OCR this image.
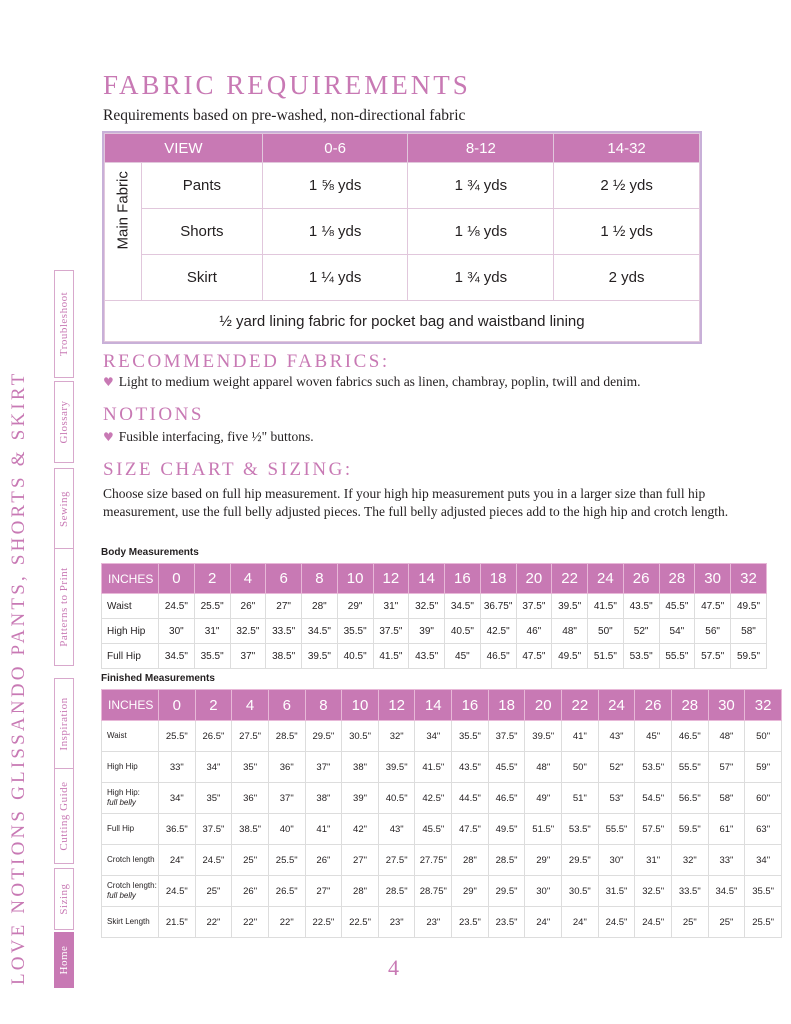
LOVE NOTIONS GLISSANDO PANTS, SHORTS & SKIRT
Troubleshoot
Glossary
Sewing
Patterns to Print
Inspiration
Cutting Guide
Sizing
Home
FABRIC REQUIREMENTS
Requirements based on pre-washed, non-directional fabric
VIEW		0-6	8-12	14-32

Main Fabric	Pants	1 ⅝ yds	1 ¾ yds	2 ½ yds
	Shorts	1 ⅛ yds	1 ⅛ yds	1 ½ yds
	Skirt	1 ¼ yds	1 ¾ yds	2 yds
½ yard lining fabric for pocket bag and waistband lining				
RECOMMENDED FABRICS:
♥ Light to medium weight apparel woven fabrics such as linen, chambray, poplin, twill and denim.
NOTIONS
♥ Fusible interfacing, five ½" buttons.
SIZE CHART & SIZING:
Choose size based on full hip measurement. If your high hip measurement puts you in a larger size than full hip measurement, use the full belly adjusted pieces. The full belly adjusted pieces add to the high hip and crotch length.
Body Measurements
INCHES	0	2	4	6	8	10	12	14	16	18	20	22	24	26	28	30	32
Waist	24.5"	25.5"	26"	27"	28"	29"	31"	32.5"	34.5"	36.75"	37.5"	39.5"	41.5"	43.5"	45.5"	47.5"	49.5"
High Hip	30"	31"	32.5"	33.5"	34.5"	35.5"	37.5"	39"	40.5"	42.5"	46"	48"	50"	52"	54"	56"	58"
Full Hip	34.5"	35.5"	37"	38.5"	39.5"	40.5"	41.5"	43.5"	45"	46.5"	47.5"	49.5"	51.5"	53.5"	55.5"	57.5"	59.5"
Finished Measurements
INCHES	0	2	4	6	8	10	12	14	16	18	20	22	24	26	28	30	32
Waist	25.5"	26.5"	27.5"	28.5"	29.5"	30.5"	32"	34"	35.5"	37.5"	39.5"	41"	43"	45"	46.5"	48"	50"
High Hip	33"	34"	35"	36"	37"	38"	39.5"	41.5"	43.5"	45.5"	48"	50"	52"	53.5"	55.5"	57"	59"
High Hip:
full belly	34"	35"	36"	37"	38"	39"	40.5"	42.5"	44.5"	46.5"	49"	51"	53"	54.5"	56.5"	58"	60"
Full Hip	36.5"	37.5"	38.5"	40"	41"	42"	43"	45.5"	47.5"	49.5"	51.5"	53.5"	55.5"	57.5"	59.5"	61"	63"
Crotch length	24"	24.5"	25"	25.5"	26"	27"	27.5"	27.75"	28"	28.5"	29"	29.5"	30"	31"	32"	33"	34"
Crotch length:
full belly	24.5"	25"	26"	26.5"	27"	28"	28.5"	28.75"	29"	29.5"	30"	30.5"	31.5"	32.5"	33.5"	34.5"	35.5"
Skirt Length	21.5"	22"	22"	22"	22.5"	22.5"	23"	23"	23.5"	23.5"	24"	24"	24.5"	24.5"	25"	25"	25.5"
4
